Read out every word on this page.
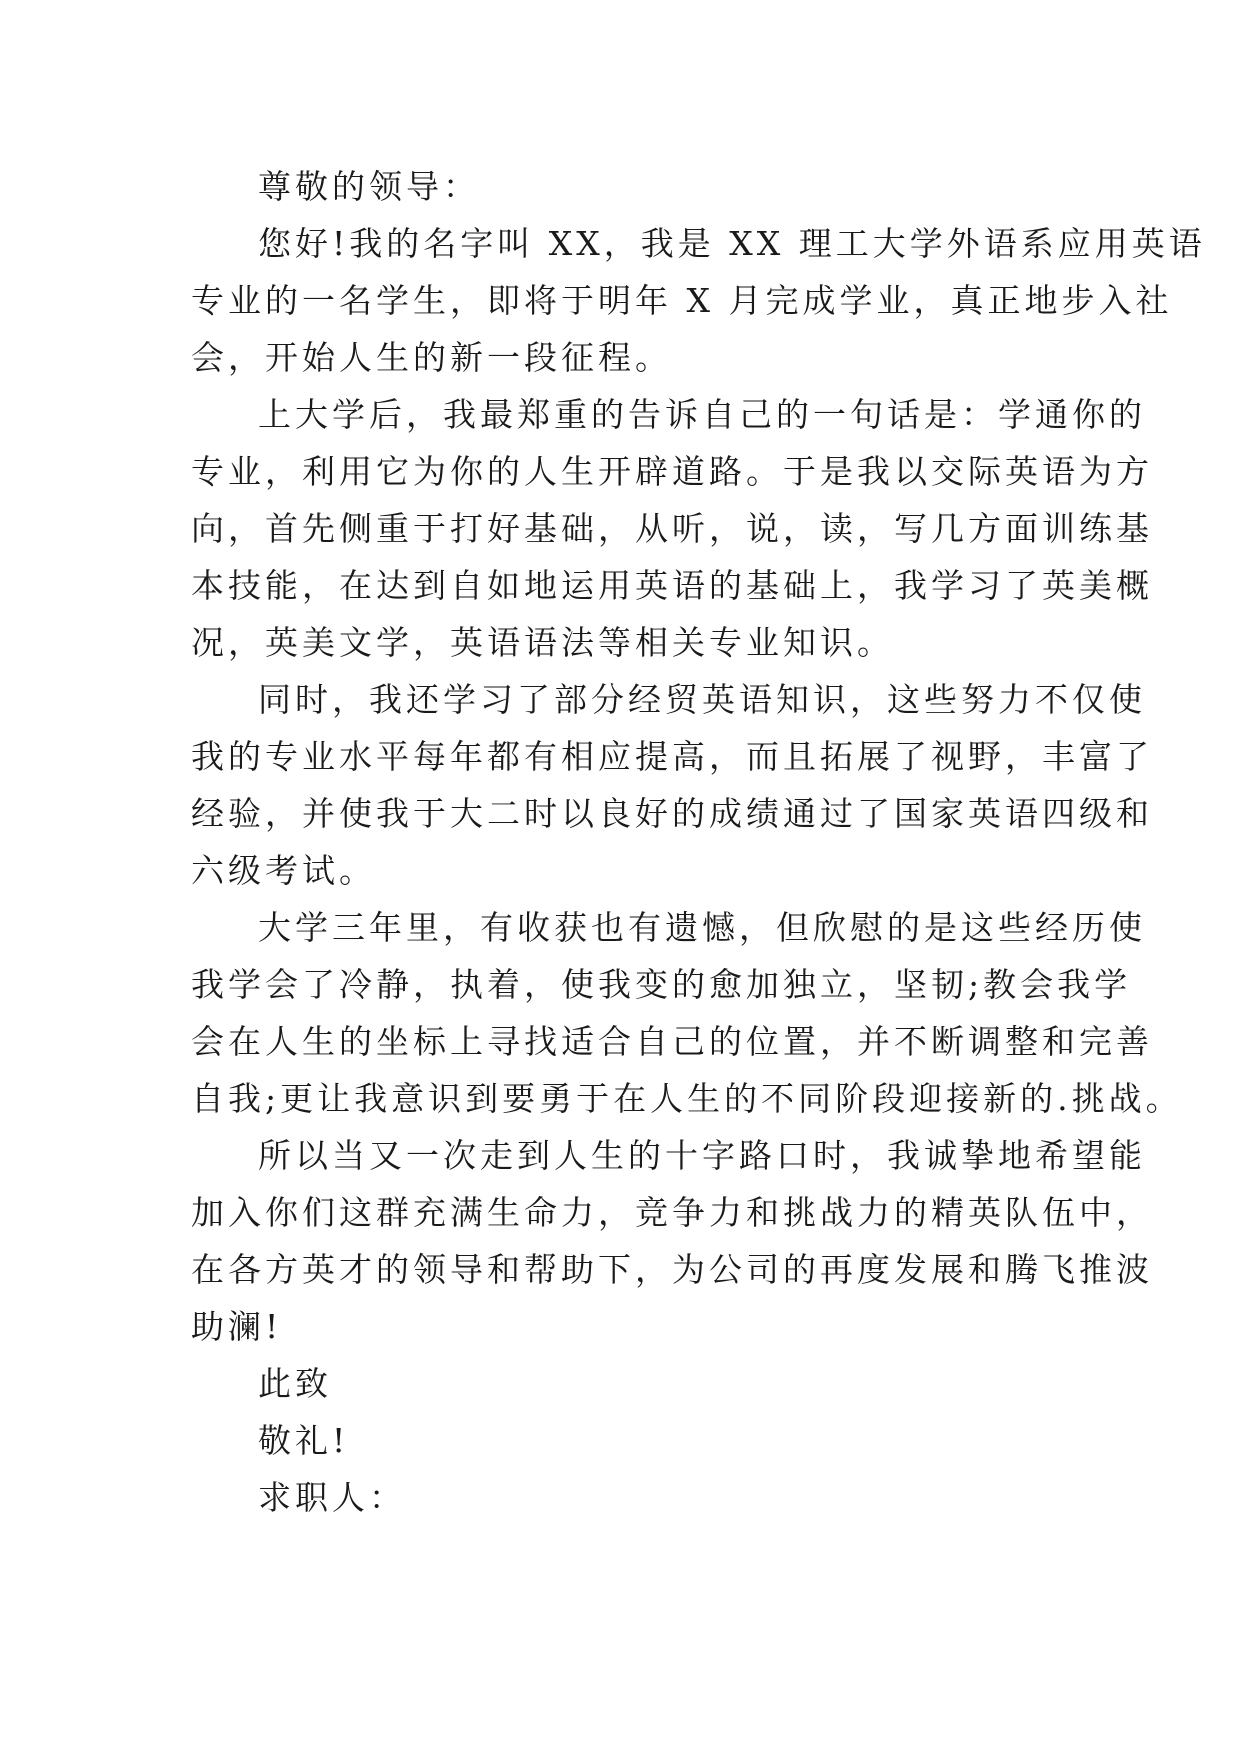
尊敬的领导：
您好!我的名字叫 XX，我是 XX 理工大学外语系应用英语
专业的一名学生，即将于明年 X 月完成学业，真正地步入社
会，开始人生的新一段征程。
上大学后，我最郑重的告诉自己的一句话是：学通你的
专业，利用它为你的人生开辟道路。于是我以交际英语为方
向，首先侧重于打好基础，从听，说，读，写几方面训练基
本技能，在达到自如地运用英语的基础上，我学习了英美概
况，英美文学，英语语法等相关专业知识。
同时，我还学习了部分经贸英语知识，这些努力不仅使
我的专业水平每年都有相应提高，而且拓展了视野，丰富了
经验，并使我于大二时以良好的成绩通过了国家英语四级和
六级考试。
大学三年里，有收获也有遗憾，但欣慰的是这些经历使
我学会了冷静，执着，使我变的愈加独立，坚韧;教会我学
会在人生的坐标上寻找适合自己的位置，并不断调整和完善
自我;更让我意识到要勇于在人生的不同阶段迎接新的.挑战。
所以当又一次走到人生的十字路口时，我诚挚地希望能
加入你们这群充满生命力，竞争力和挑战力的精英队伍中，
在各方英才的领导和帮助下，为公司的再度发展和腾飞推波
助澜!
此致
敬礼!
求职人：
